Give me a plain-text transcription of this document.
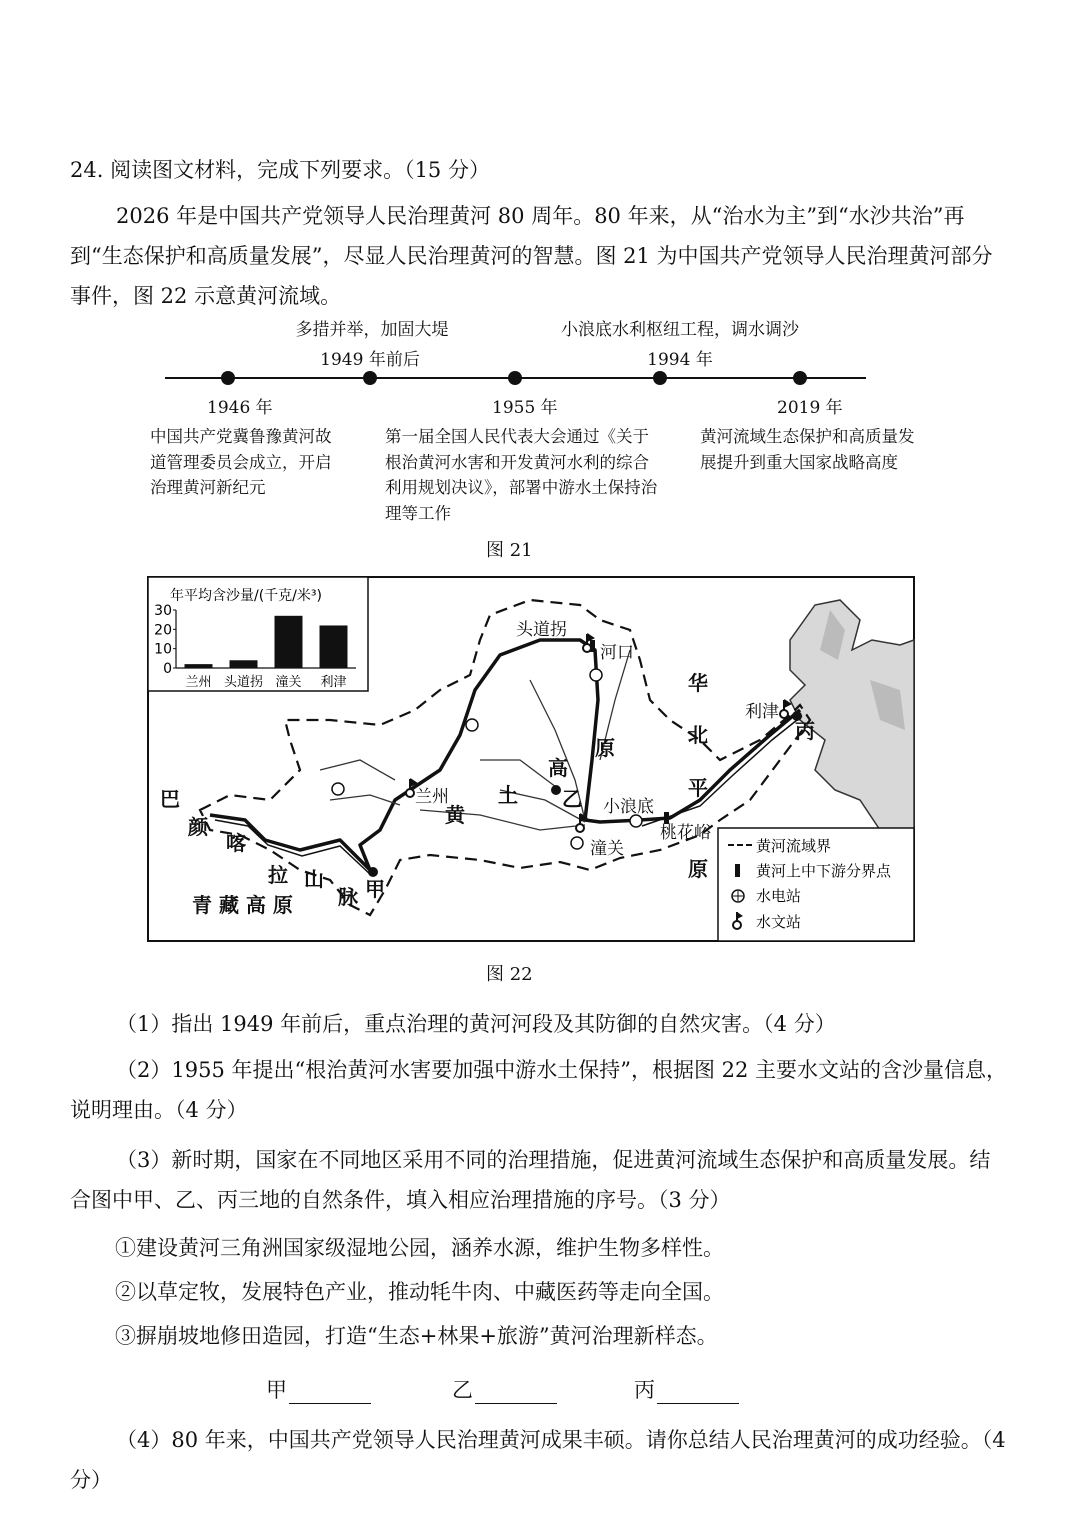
24. 阅读图文材料，完成下列要求。（15 分）
2026 年是中国共产党领导人民治理黄河 80 周年。80 年来，从“治水为主”到“水沙共治”再到“生态保护和高质量发展”，尽显人民治理黄河的智慧。图 21 为中国共产党领导人民治理黄河部分事件，图 22 示意黄河流域。
多措并举，加固大堤
1949 年前后
小浪底水利枢纽工程，调水调沙
1994 年
1946 年	1955 年	2019 年
中国共产党冀鲁豫黄河故道管理委员会成立，开启治理黄河新纪元
第一届全国人民代表大会通过《关于根治黄河水害和开发黄河水利的综合利用规划决议》，部署中游水土保持治理等工作
黄河流域生态保护和高质量发展提升到重大国家战略高度
图 21
年平均含沙量/(千克/米³)
0
10
20
30
兰州 头道拐 潼关 利津
头道拐
河口
兰州
潼关
小浪底
桃花峪
利津
甲
乙
丙
华
北
平
原
黄
土
高
原
巴
颜
喀
拉 山
脉
青 藏 高 原
黄河流域界
黄河上中下游分界点
水电站
水文站
图 22
（1）指出 1949 年前后，重点治理的黄河河段及其防御的自然灾害。（4 分）
（2）1955 年提出“根治黄河水害要加强中游水土保持”，根据图 22 主要水文站的含沙量信息，说明理由。（4 分）
（3）新时期，国家在不同地区采用不同的治理措施，促进黄河流域生态保护和高质量发展。结合图中甲、乙、丙三地的自然条件，填入相应治理措施的序号。（3 分）
①建设黄河三角洲国家级湿地公园，涵养水源，维护生物多样性。
②以草定牧，发展特色产业，推动牦牛肉、中藏医药等走向全国。
③摒崩坡地修田造园，打造“生态+林果+旅游”黄河治理新样态。
甲	乙	丙
（4）80 年来，中国共产党领导人民治理黄河成果丰硕。请你总结人民治理黄河的成功经验。（4 分）
